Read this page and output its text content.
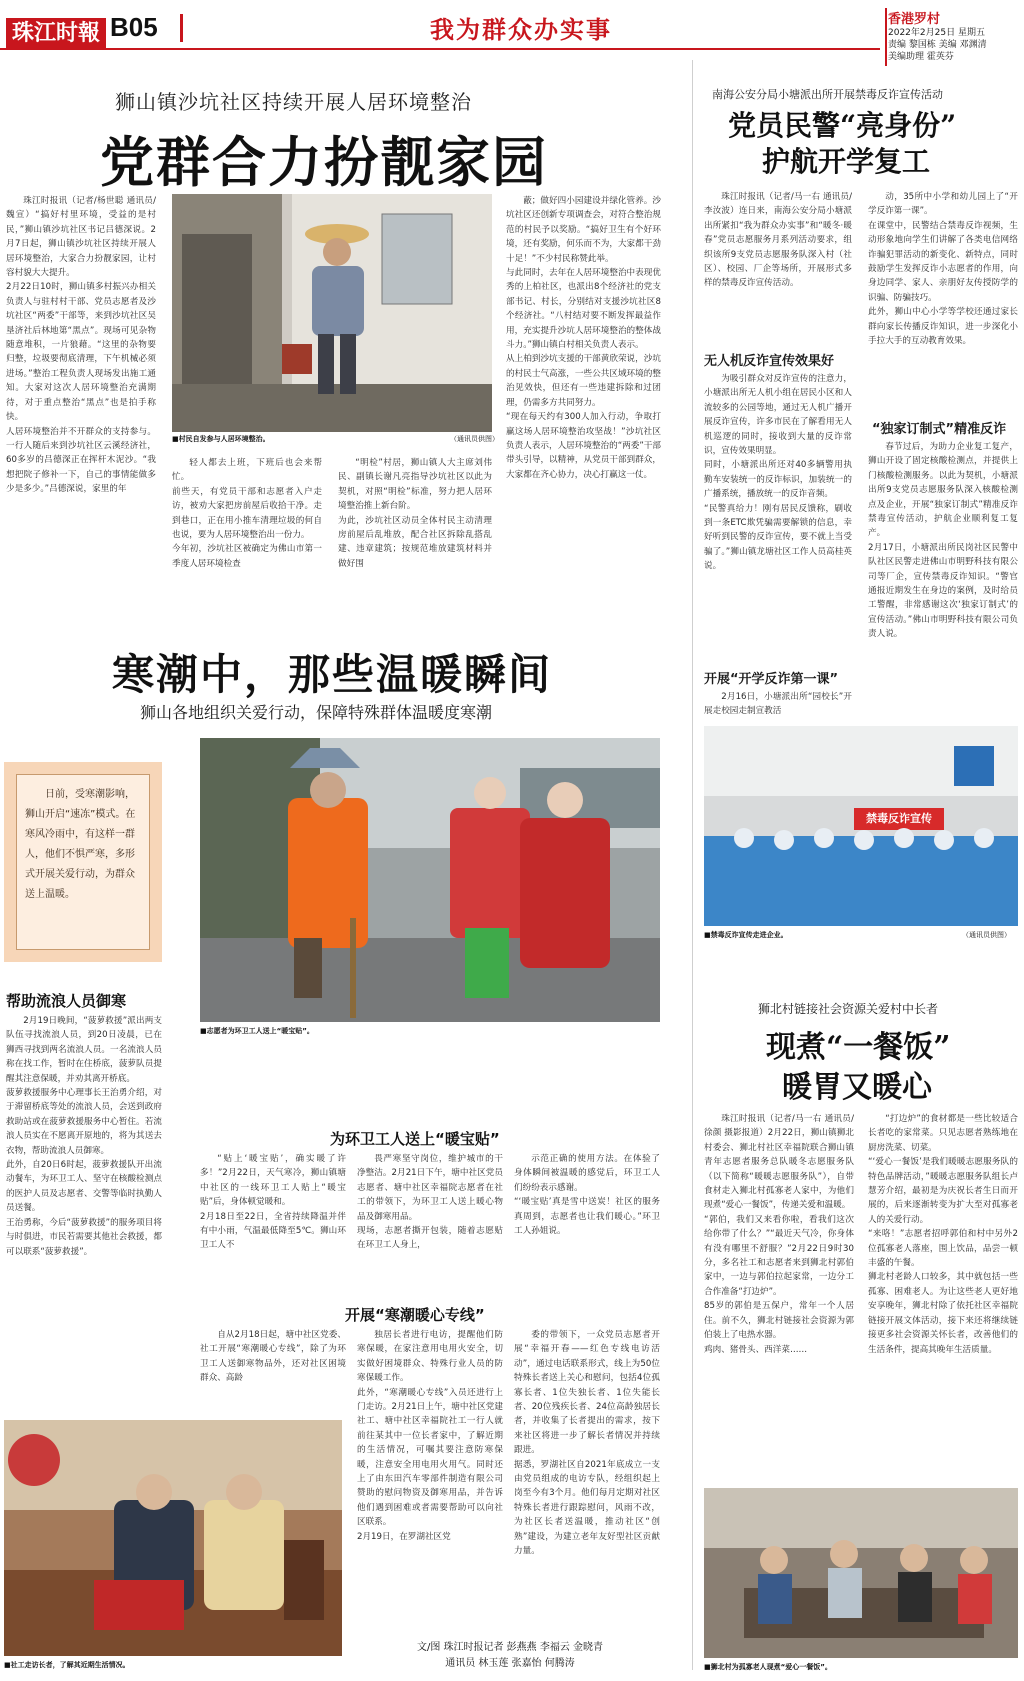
珠江时報 B05	我为群众办实事	香港罗村
2022年2月25日 星期五
责编 黎国栋 美编 邓渊清
美编助理 霍英芬
狮山镇沙坑社区持续开展人居环境整治
党群合力扮靓家园
珠江时报讯（记者/杨世聪 通讯员/魏宣）“搞好村里环境，受益的是村民，”狮山镇沙坑社区书记吕德深说。2月7日起，狮山镇沙坑社区持续开展人居环境整治，大家合力扮靓家园，让村容村貌大大提升。
2月22日10时，狮山镇多村振兴办相关负责人与驻村村干部、党员志愿者及沙坑社区“两委”干部等，来到沙坑社区吴垦济社后林地第“黑点”。现场可见杂物随意堆积，一片狼藉。“这里的杂物要归整，垃圾要彻底清理，下午机械必须进场。”整治工程负责人现场发出施工通知。大家对这次人居环境整治充满期待，对于重点整治“黑点”也是拍手称快。
人居环境整治并不开群众的支持参与。一行人随后来到沙坑社区云溪经济社，60多岁的吕德深正在挥杆木泥沙。“我想把院子修补一下，自己的事情能做多少是多少。”吕德深说，家里的年
■村民自发参与人居环境整治。	（通讯员供图）
轻人都去上班，下班后也会来帮忙。
前些天，有党员干部和志愿者入户走访，被劝大家把房前屋后收拾干净。走到巷口，正在用小推车清理垃圾的何自也说，要为人居环境整治出一份力。
今年初，沙坑社区被确定为佛山市第一季度人居环境检查
“明检”村居，狮山镇人大主席刘伟民、副镇长谢凡亮指导沙坑社区以此为契机，对照“明检”标准，努力把人居环境整治推上新台阶。
为此，沙坑社区动员全体村民主动清理房前屋后乱堆放，配合社区拆除乱搭乱建、违章建筑；按规范堆放建筑材料并做好围
蔽；做好四小园建设并绿化管养。沙坑社区还创新专项调查会，对符合整治规范的村民予以奖励。“搞好卫生有个好环境，还有奖励，何乐而不为，大家都干劲十足！”不少村民称赞此举。
与此同时，去年在人居环境整治中表现优秀的上柏社区，也派出8个经济社的党支部书记、村长，分别结对支援沙坑社区8个经济社。“八村结对要不断发挥最益作用，充实提升沙坑人居环境整治的整体战斗力。”狮山镇白村相关负责人表示。
从上柏到沙坑支援的干部黄欣荣说，沙坑的村民士气高涨，一些公共区域环境的整治见效快，但还有一些违建拆除和过团理，仍需多方共同努力。
“现在每天约有300人加入行动，争取打赢这场人居环境整治攻坚战！”沙坑社区负责人表示，人居环境整治的“两委”干部带头引导，以精神，从党员干部到群众，大家都在齐心协力，决心打赢这一仗。
寒潮中，那些温暖瞬间
狮山各地组织关爱行动，保障特殊群体温暖度寒潮
日前，受寒潮影响，狮山开启“速冻”模式。在寒风冷雨中，有这样一群人，他们不惧严寒，多形式开展关爱行动，为群众送上温暖。
■志愿者为环卫工人送上“暖宝贴”。
帮助流浪人员御寒
2月19日晚间，“菠萝救援”派出两支队伍寻找流浪人员，到20日凌晨，已在狮西寻找到两名流浪人员。一名流浪人员称在找工作，暂时在住桥底，菠萝队员提醒其注意保暖，并劝其离开桥底。
菠萝救援服务中心理事长王治勇介绍，对于滞留桥底等处的流浪人员，会送到政府救助站或在菠萝救援服务中心暂住。若流浪人员实在不愿离开原地的，将为其送去衣物，帮助流浪人员御寒。
此外，自20日6时起，菠萝救援队开出流动餐车，为环卫工人、坚守在核酸检测点的医护人员及志愿者、交警等临时执勤人员送餐。
王治勇称，今后“菠萝救援”的服务项目将与时俱进，市民若需要其他社会救援，都可以联系“菠萝救援”。
为环卫工人送上“暖宝贴”
“贴上‘暖宝贴’，确实暖了许多！”2月22日，天气寒冷，狮山镇塘中社区的一线环卫工人贴上“暖宝贴”后，身体顿觉暖和。
2月18日至22日，全省持续降温并伴有中小雨，气温最低降至5℃。狮山环卫工人不
畏严寒坚守岗位，维护城市的干净整洁。2月21日下午，塘中社区党员志愿者、塘中社区幸福院志愿者在社工的带领下，为环卫工人送上暖心物品及御寒用品。
现场，志愿者撕开包装，随着志愿贴在环卫工人身上，
示范正确的使用方法。在体验了身体瞬间被温暖的感觉后，环卫工人们纷纷表示感谢。
“‘暖宝贴’真是雪中送炭！社区的服务真周到，志愿者也让我们暖心。”环卫工人孙姐说。
开展“寒潮暖心专线”
自从2月18日起，塘中社区党委、社工开展“寒潮暖心专线”，除了为环卫工人送御寒物品外，还对社区困境群众、高龄
独居长者进行电访，提醒他们防寒保暖，在家注意用电用火安全，切实做好困境群众、特殊行业人员的防寒保暖工作。
此外，“寒潮暖心专线”入员还进行上门走访。2月21日上午，塘中社区党建社工、塘中社区幸福院社工一行人就前往某其中一位长者家中，了解近期的生活情况，可嘱其要注意防寒保暖，注意安全用电用火用气。同时还上了由东田汽车零部件制造有限公司赞助的慰问物资及御寒用品，并告诉他们遇到困难或者需要帮助可以向社区联系。
2月19日，在罗湖社区党
委的带领下，一众党员志愿者开展“幸福开春——红色专线电访活动”，通过电话联系形式，线上为50位特殊长者送上关心和慰问，包括4位孤寡长者、1位失独长者、1位失能长者、20位残疾长者、24位高龄独居长者，并收集了长者提出的需求，按下来社区将进一步了解长者情况并持续跟进。
据悉，罗湖社区自2021年底成立一支由党员组成的电访专队，经组织起上岗至今有3个月。他们每月定期对社区特殊长者进行跟踪慰问，风雨不改，为社区长者送温暖，推动社区“创熟”建设，为建立老年友好型社区贡献力量。
■社工走访长者，了解其近期生活情况。
文/图 珠江时报记者 彭燕燕 李福云 金晓青
通讯员 林玉莲 张嘉怡 何腾涛
南海公安分局小塘派出所开展禁毒反诈宣传活动
党员民警“亮身份”
护航开学复工
珠江时报讯（记者/马一右 通讯员/李汝波）连日来，南海公安分局小塘派出所紧扣“我为群众办实事”和“暖冬·暖春”党员志愿服务月系列活动要求，组织该所9支党员志愿服务队深入村（社区）、校园、厂企等场所，开展形式多样的禁毒反诈宣传活动。
无人机反诈宣传效果好
为吸引群众对反诈宣传的注意力，小塘派出所无人机小组在居民小区和人流较多的公园等地，通过无人机广播开展反诈宣传，许多市民在了解看用无人机巡逻的同时，接收到大量的反诈常识，宣传效果明显。
同时，小塘派出所还对40多辆警用执勤车安装统一的反诈标识，加装统一的广播系统，播放统一的反诈音频。
“民警真给力！刚有居民反馈称，刷收到一条ETC欺凭骗需要解锁的信息，幸好听到民警的反诈宣传，要不就上当受骗了。”狮山镇龙塘社区工作人员高桂英说。
开展“开学反诈第一课”
2月16日，小塘派出所“园校长”开展走校园走制宣教活
动，35所中小学和幼儿园上了“开学反诈第一课”。
在课堂中，民警结合禁毒反诈视频，生动形象地向学生们讲解了各类电信网络诈骗犯罪活动的新变化、新特点，同时鼓励学生发挥反诈小志愿者的作用，向身边同学、家人、亲朋好友传授防学的识骗、防骗技巧。
此外，狮山中心小学等学校还通过家长群向家长传播反诈知识，进一步深化小手拉大手的互动教育效果。
“独家订制式”精准反诈
春节过后，为助力企业复工复产，狮山开设了固定核酸检测点，并提供上门核酸检测服务。以此为契机，小塘派出所9支党员志愿服务队深入核酸检测点及企业，开展“独家订制式”精准反诈禁毒宣传活动，护航企业顺利复工复产。
2月17日，小塘派出所民岗社区民警中队社区民警走进佛山市明野科技有限公司等厂企，宣传禁毒反诈知识。“警官通报近期发生在身边的案例，及时给员工警醒，非常感谢这次‘独家订制式’的宣传活动。”佛山市明野科技有限公司负责人说。
禁毒反诈宣传
■禁毒反诈宣传走进企业。	（通讯员供图）
狮北村链接社会资源关爱村中长者
现煮“一餐饭”
暖胃又暖心
珠江时报讯（记者/马一右 通讯员/徐颜 摄影报道）2月22日，狮山镇狮北村委会、狮北村社区幸福院联合狮山镇青年志愿者服务总队暖冬志愿服务队（以下简称“暖暖志愿服务队”），自带食材走入狮北村孤寡老人家中，为他们现煮“爱心一餐饭”，传递关爱和温暖。
“郭伯，我们又来看你啦，看我们这次给你带了什么？”“最近天气冷，你身体有没有哪里不舒服？”2月22日9时30分，多名社工和志愿者来到狮北村郭伯家中，一边与郭伯拉起家常，一边分工合作准备“打边炉”。
85岁的郭伯是五保户，常年一个人居住。前不久，狮北村链接社会资源为郭伯装上了电热水器。
鸡肉、猪骨头、西洋菜……
“打边炉”的食材都是一些比较适合长者吃的家常菜。只见志愿者熟练地在厨房洗菜、切菜。
“‘爱心一餐饭’是我们暖暖志愿服务队的特色品牌活动，”暖暖志愿服务队组长卢慧芳介绍，最初是为庆祝长者生日而开展的，后来逐渐转变为扩大至对孤寡老人的关爱行动。
“来咯！”志愿者招呼郭伯和村中另外2位孤寡老人落座，围上饮品，品尝一顿丰盛的午餐。
狮北村老龄人口较多，其中就包括一些孤寡、困难老人。为让这些老人更好地安享晚年，狮北村除了依托社区幸福院链接开展文体活动，接下来还将继续链接更多社会资源关怀长者，改善他们的生活条件，提高其晚年生活质量。
■狮北村为孤寡老人现煮“爱心一餐饭”。
